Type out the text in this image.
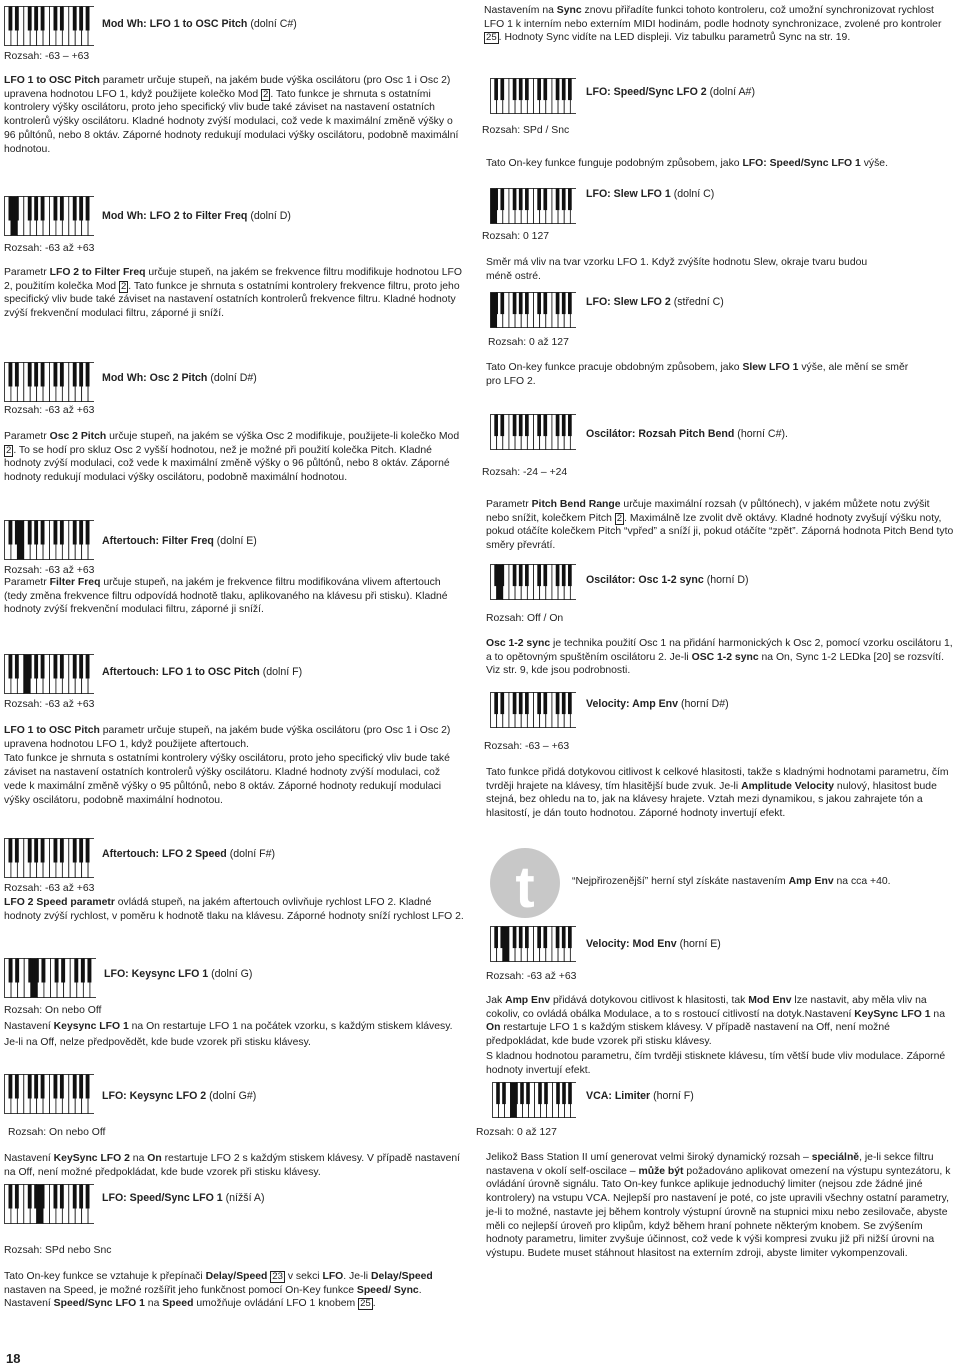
Mod Wh: LFO 1 to OSC Pitch (dolní C#)
Rozsah: -63 – +63
LFO 1 to OSC Pitch parametr určuje stupeň, na jakém bude výška oscilátoru (pro Osc 1 i Osc 2) upravena hodnotou LFO 1, když použijete kolečko Mod 2 . Tato funkce je shrnuta s ostatními kontrolery výšky oscilátoru, proto jeho specifický vliv bude také záviset na nastavení ostatních kontrolerů výšky oscilátoru. Kladné hodnoty zvýší modulaci, což vede k maximální změně výšky o 96 půltónů, nebo 8 oktáv. Záporné hodnoty redukují modulaci výšky oscilátoru, podobně maximální hodnotou.
Mod Wh: LFO 2 to Filter Freq (dolní D)
Rozsah: -63 až +63
Parametr LFO 2 to Filter Freq určuje stupeň, na jakém se frekvence filtru modifikuje hodnotou LFO 2, použitím kolečka Mod 2 . Tato funkce je shrnuta s ostatními kontrolery frekvence filtru, proto jeho specifický vliv bude také záviset na nastavení ostatních kontrolerů frekvence filtru. Kladné hodnoty zvýší frekvenční modulaci filtru, záporné ji sníží.
Mod Wh: Osc 2 Pitch (dolní D#)
Rozsah: -63 až +63
Parametr Osc 2 Pitch určuje stupeň, na jakém se výška Osc 2 modifikuje, použijete-li kolečko Mod 2 . To se hodí pro skluz Osc 2 vyšší hodnotou, než je možné při použití kolečka Pitch. Kladné hodnoty zvýší modulaci, což vede k maximální změně výšky o 96 půltónů, nebo 8 oktáv. Záporné hodnoty redukují modulaci výšky oscilátoru, podobně maximální hodnotou.
Aftertouch: Filter Freq (dolní E)
Rozsah: -63 až +63
Parametr Filter Freq určuje stupeň, na jakém je frekvence filtru modifikována vlivem aftertouch (tedy změna frekvence filtru odpovídá hodnotě tlaku, aplikovaného na klávesu při stisku). Kladné hodnoty zvýší frekvenční modulaci filtru, záporné ji sníží.
Aftertouch: LFO 1 to OSC Pitch (dolní F)
Rozsah: -63 až +63

LFO 1 to OSC Pitch parametr určuje stupeň, na jakém bude výška oscilátoru (pro Osc 1 i Osc 2) upravena hodnotou LFO 1, když použijete aftertouch.

Tato funkce je shrnuta s ostatními kontrolery výšky oscilátoru, proto jeho specifický vliv bude také záviset na nastavení ostatních kontrolerů výšky oscilátoru. Kladné hodnoty zvýší modulaci, což vede k maximální změně výšky o 95 půltónů, nebo 8 oktáv. Záporné hodnoty redukují modulaci výšky oscilátoru, podobně maximální hodnotou.

Aftertouch: LFO 2 Speed (dolní F#)
Rozsah: -63 až +63
LFO 2 Speed parametr ovládá stupeň, na jakém aftertouch ovlivňuje rychlost LFO 2. Kladné hodnoty zvýší rychlost, v poměru k hodnotě tlaku na klávesu. Záporné hodnoty sníží rychlost LFO 2.
LFO: Keysync LFO 1 (dolní G)
Rozsah: On nebo Off
Nastavení Keysync LFO 1 na On restartuje LFO 1 na počátek vzorku, s každým stiskem klávesy. Je-li na Off, nelze předpovědět, kde bude vzorek při stisku klávesy.
LFO: Keysync LFO 2 (dolní G#)
Rozsah: On nebo Off
Nastavení KeySync LFO 2 na On restartuje LFO 2 s každým stiskem klávesy. V případě nastavení na Off, není možné předpokládat, kde bude vzorek při stisku klávesy.
LFO: Speed/Sync LFO 1 (nížší A)
Rozsah: SPd nebo Snc
Tato On-key funkce se vztahuje k přepínači Delay/Speed 23 v sekci LFO. Je-li Delay/Speed nastaven na Speed, je možné rozšířit jeho funkčnost pomocí On-Key funkce Speed/ Sync. Nastavení Speed/Sync LFO 1 na Speed umožňuje ovládání LFO 1 knobem 25 .
Nastavením na Sync znovu přiřadíte funkci tohoto kontroleru, což umožní synchronizovat rychlost LFO 1 k interním nebo externím MIDI hodinám, podle hodnoty synchronizace, zvolené pro kontroler 25 . Hodnoty Sync vidíte na LED displeji. Viz tabulku parametrů Sync na str. 19.
LFO: Speed/Sync LFO 2 (dolní A#)
Rozsah: SPd / Snc
Tato On-key funkce funguje podobným způsobem, jako LFO: Speed/Sync LFO 1 výše.
LFO: Slew LFO 1 (dolní C)
Rozsah: 0 127
Směr má vliv na tvar vzorku LFO 1. Když zvýšíte hodnotu Slew, okraje tvaru budou méně ostré.
LFO: Slew LFO 2 (střední C)
Rozsah: 0 až 127
Tato On-key funkce pracuje obdobným způsobem, jako Slew LFO 1 výše, ale mění se směr pro LFO 2.
Oscilátor: Rozsah Pitch Bend (horní C#).
Rozsah: -24 – +24
Parametr Pitch Bend Range určuje maximální rozsah (v půltónech), v jakém můžete notu zvýšit nebo snížit, kolečkem Pitch 2 . Maximálně lze zvolit dvě oktávy. Kladné hodnoty zvyšují výšku noty, pokud otáčíte kolečkem Pitch “vpřed” a sníží ji, pokud otáčíte “zpět”. Záporná hodnota Pitch Bend tyto směry převrátí.
Oscilátor: Osc 1-2 sync (horní D)
Rozsah: Off / On
Osc 1-2 sync je technika použití Osc 1 na přidání harmonických k Osc 2, pomocí vzorku oscilátoru 1, a to opětovným spuštěním oscilátoru 2. Je-li OSC 1-2 sync na On, Sync 1-2 LEDka [20] se rozsvítí. Viz str. 9, kde jsou podrobnosti.
Velocity: Amp Env (horní D#)
Rozsah: -63 – +63
Tato funkce přidá dotykovou citlivost k celkové hlasitosti, takže s kladnými hodnotami parametru, čím tvrději hrajete na klávesy, tím hlasitější bude zvuk. Je-li Amplitude Velocity nulový, hlasitost bude stejná, bez ohledu na to, jak na klávesy hrajete. Vztah mezi dynamikou, s jakou zahrajete tón a hlasitostí, je dán touto hodnotou. Záporné hodnoty invertují efekt.
t	“Nejpřirozenější” herní styl získáte nastavením Amp Env na cca +40.
Velocity: Mod Env (horní E)
Rozsah: -63 až +63

Jak Amp Env přidává dotykovou citlivost k hlasitosti, tak Mod Env lze nastavit, aby měla vliv na cokoliv, co ovládá obálka Modulace, a to s rostoucí citlivostí na dotyk.Nastavení KeySync LFO 1 na On restartuje LFO 1 s každým stiskem klávesy. V případě nastavení na Off, není možné předpokládat, kde bude vzorek při stisku klávesy.

S kladnou hodnotou parametru, čím tvrději stisknete klávesu, tím větší bude vliv modulace. Záporné hodnoty invertují efekt.

VCA: Limiter (horní F)
Rozsah: 0 až 127
Jelikož Bass Station II umí generovat velmi široký dynamický rozsah – speciálně, je-li sekce filtru nastavena v okolí self-oscilace – může být požadováno aplikovat omezení na výstupu syntezátoru, k ovládání úrovně signálu. Tato On-key funkce aplikuje jednoduchý limiter (nejsou zde žádné jiné kontrolery) na vstupu VCA. Nejlepší pro nastavení je poté, co jste upravili všechny ostatní parametry, je-li to možné, nastavte jej během kontroly výstupní úrovně na stupnici mixu nebo zesilovače, abyste měli co nejlepší úroveň pro klipům, když během hraní pohnete některým knobem. Se zvýšením hodnoty parametru, limiter zvyšuje účinnost, což vede k výši kompresi zvuku již při nižší úrovni na výstupu. Budete muset stáhnout hlasitost na externím zdroji, abyste limiter vykompenzovali.
18
